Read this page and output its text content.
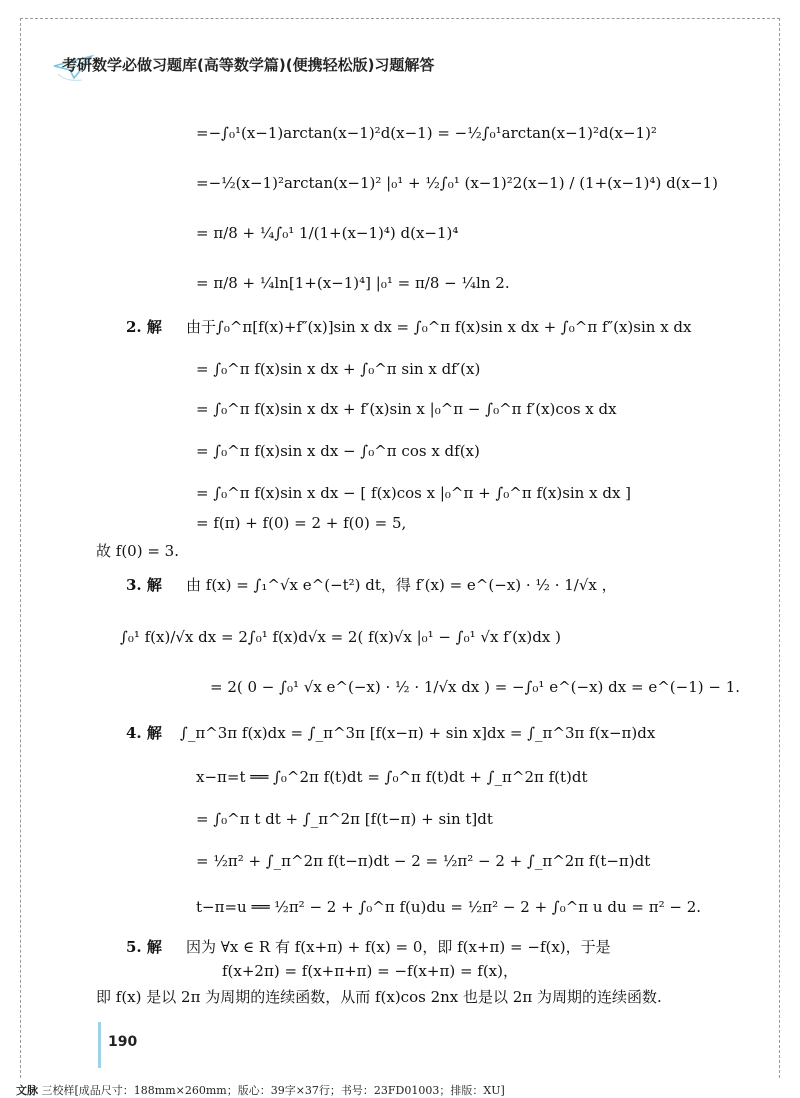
考研数学必做习题库(高等数学篇)(便携轻松版)习题解答
=−∫₀¹(x−1)arctan(x−1)²d(x−1) = −½∫₀¹arctan(x−1)²d(x−1)²
=−½(x−1)²arctan(x−1)² |₀¹ + ½∫₀¹ (x−1)²2(x−1) / (1+(x−1)⁴) d(x−1)
= π/8 + ¼∫₀¹ 1/(1+(x−1)⁴) d(x−1)⁴
= π/8 + ¼ln[1+(x−1)⁴] |₀¹ = π/8 − ¼ln 2.
2. 解 由于∫₀^π[f(x)+f″(x)]sin x dx = ∫₀^π f(x)sin x dx + ∫₀^π f″(x)sin x dx
= ∫₀^π f(x)sin x dx + ∫₀^π sin x df′(x)
= ∫₀^π f(x)sin x dx + f′(x)sin x |₀^π − ∫₀^π f′(x)cos x dx
= ∫₀^π f(x)sin x dx − ∫₀^π cos x df(x)
= ∫₀^π f(x)sin x dx − [ f(x)cos x |₀^π + ∫₀^π f(x)sin x dx ]
= f(π) + f(0) = 2 + f(0) = 5,
故 f(0) = 3.
3. 解 由 f(x) = ∫₁^√x e^(−t²) dt，得 f′(x) = e^(−x) · ½ · 1/√x ，
∫₀¹ f(x)/√x dx = 2∫₀¹ f(x)d√x = 2( f(x)√x |₀¹ − ∫₀¹ √x f′(x)dx )
= 2( 0 − ∫₀¹ √x e^(−x) · ½ · 1/√x dx ) = −∫₀¹ e^(−x) dx = e^(−1) − 1.
4. 解 ∫_π^3π f(x)dx = ∫_π^3π [f(x−π) + sin x]dx = ∫_π^3π f(x−π)dx
x−π=t ══ ∫₀^2π f(t)dt = ∫₀^π f(t)dt + ∫_π^2π f(t)dt
= ∫₀^π t dt + ∫_π^2π [f(t−π) + sin t]dt
= ½π² + ∫_π^2π f(t−π)dt − 2 = ½π² − 2 + ∫_π^2π f(t−π)dt
t−π=u ══ ½π² − 2 + ∫₀^π f(u)du = ½π² − 2 + ∫₀^π u du = π² − 2.
5. 解 因为 ∀x ∈ R 有 f(x+π) + f(x) = 0，即 f(x+π) = −f(x)，于是
f(x+2π) = f(x+π+π) = −f(x+π) = f(x)，
即 f(x) 是以 2π 为周期的连续函数，从而 f(x)cos 2nx 也是以 2π 为周期的连续函数.
190
文脉 三校样[成品尺寸：188mm×260mm；版心：39字×37行；书号：23FD01003；排版：XU]
